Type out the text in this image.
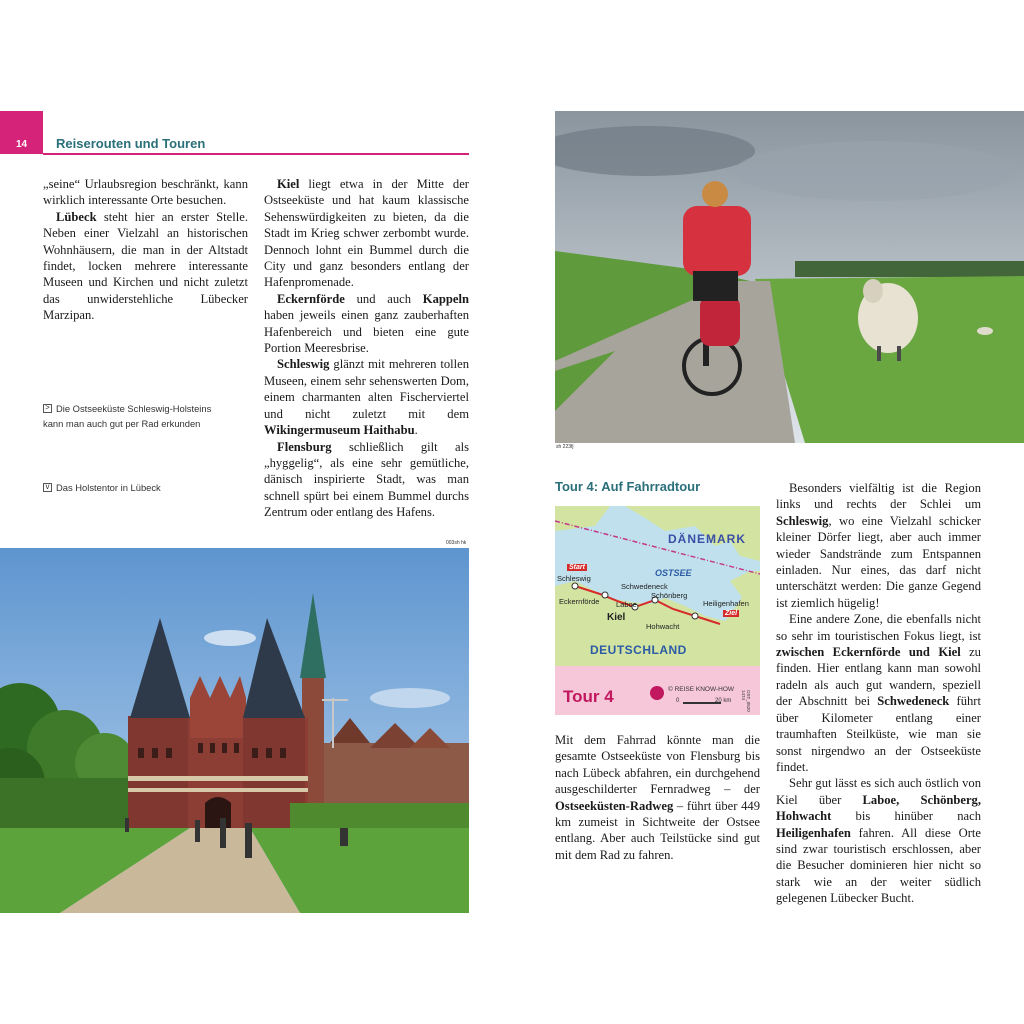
14	Reiserouten und Touren

„seine“ Urlaubsregion beschränkt, kann wirklich interessante Orte besuchen.

Lübeck steht hier an erster Stelle. Neben einer Vielzahl an historischen Wohnhäusern, die man in der Altstadt findet, locken mehrere interessante Museen und Kirchen und nicht zuletzt das unwiderstehliche Lübecker Marzipan.

Kiel liegt etwa in der Mitte der Ostseeküste und hat kaum klassische Sehenswürdigkeiten zu bieten, da die Stadt im Krieg schwer zerbombt wurde. Dennoch lohnt ein Bummel durch die City und ganz besonders entlang der Hafenpromenade.

Eckernförde und auch Kappeln haben jeweils einen ganz zauberhaften Hafenbereich und bieten eine gute Portion Meeresbrise.

Schleswig glänzt mit mehreren tollen Museen, einem sehr sehenswerten Dom, einem charmanten alten Fischerviertel und nicht zuletzt mit dem Wikingermuseum Haithabu.

Flensburg schließlich gilt als „hyggelig“, als eine sehr gemütliche, dänisch inspirierte Stadt, was man schnell spürt bei einem Bummel durchs Zentrum oder entlang des Hafens.

> Die Ostseeküste Schleswig-Holsteins
kann man auch gut per Rad erkunden
v Das Holstentor in Lübeck
003sh hk
sh 223fj
Tour 4: Auf Fahrradtour
DÄNEMARK
OSTSEE
DEUTSCHLAND
Start
Ziel
Schleswig
Schwedeneck
Schönberg
Heiligenhafen
Eckernförde Laboe
Kiel
Hohwacht
Tour 4	© REISE KNOW-HOW
0	20 km	OST_0520 1474

Mit dem Fahrrad könnte man die gesamte Ostseeküste von Flensburg bis nach Lübeck abfahren, ein durchgehend ausgeschilderter Fernradweg – der Ostseeküsten-Radweg – führt über 449 km zumeist in Sichtweite der Ostsee entlang. Aber auch Teilstücke sind gut mit dem Rad zu fahren.

Besonders vielfältig ist die Region links und rechts der Schlei um Schleswig, wo eine Vielzahl schicker kleiner Dörfer liegt, aber auch immer wieder Sandstrände zum Entspannen einladen. Nur eines, das darf nicht unterschätzt werden: Die ganze Gegend ist ziemlich hügelig!

Eine andere Zone, die ebenfalls nicht so sehr im touristischen Fokus liegt, ist zwischen Eckernförde und Kiel zu finden. Hier entlang kann man sowohl radeln als auch gut wandern, speziell der Abschnitt bei Schwedeneck führt über Kilometer entlang einer traumhaften Steilküste, wie man sie sonst nirgendwo an der Ostseeküste findet.

Sehr gut lässt es sich auch östlich von Kiel über Laboe, Schönberg, Hohwacht bis hinüber nach Heiligenhafen fahren. All diese Orte sind zwar touristisch erschlossen, aber die Besucher dominieren hier nicht so stark wie an der weiter südlich gelegenen Lübecker Bucht.
